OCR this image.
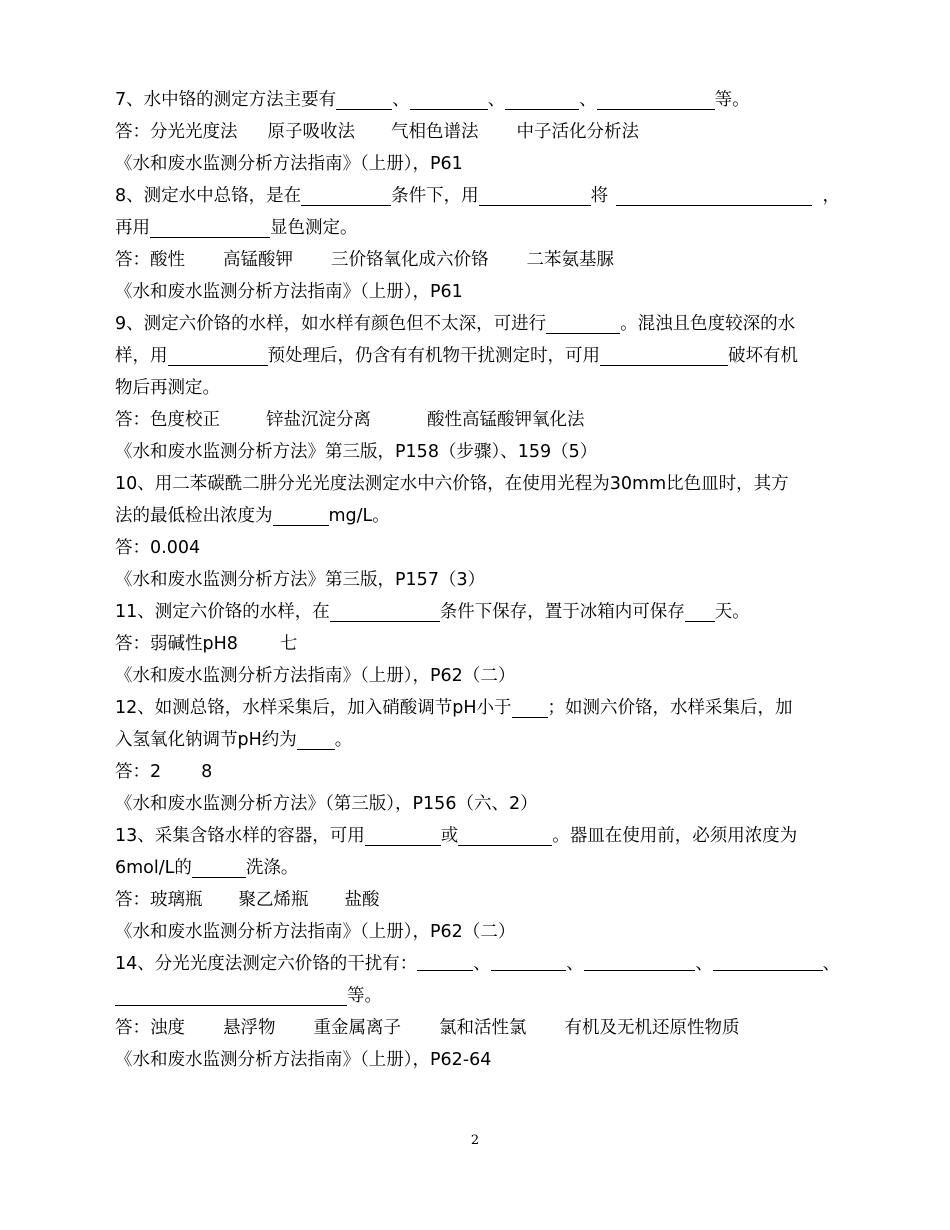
7、水中铬的测定方法主要有	、	、	、	等。
答：分光光度法 原子吸收法 气相色谱法 中子活化分析法
《水和废水监测分析方法指南》（上册），P61
8、测定水中总铬，是在	条件下，用	将	，
再用	显色测定。
答：酸性 高锰酸钾 三价铬氧化成六价铬 二苯氨基脲
《水和废水监测分析方法指南》（上册），P61
9、测定六价铬的水样，如水样有颜色但不太深，可进行	。混浊且色度较深的水
样，用	预处理后，仍含有有机物干扰测定时，可用	破坏有机
物后再测定。
答：色度校正	锌盐沉淀分离	酸性高锰酸钾氧化法
《水和废水监测分析方法》第三版，P158（步骤）、159（5）
10、用二苯碳酰二肼分光光度法测定水中六价铬，在使用光程为30mm比色皿时，其方
法的最低检出浓度为	mg/L。
答：0.004
《水和废水监测分析方法》第三版，P157（3）
11、测定六价铬的水样，在	条件下保存，置于冰箱内可保存 天。
答：弱碱性pH8 七
《水和废水监测分析方法指南》（上册），P62（二）
12、如测总铬，水样采集后，加入硝酸调节pH小于 ；如测六价铬，水样采集后，加
入氢氧化钠调节pH约为 。
答：2 8
《水和废水监测分析方法》（第三版），P156（六、2）
13、采集含铬水样的容器，可用	或	。器皿在使用前，必须用浓度为
6mol/L的	洗涤。
答：玻璃瓶 聚乙烯瓶 盐酸
《水和废水监测分析方法指南》（上册），P62（二）
14、分光光度法测定六价铬的干扰有：	、	、	、	、
等。
答：浊度 悬浮物 重金属离子 氯和活性氯 有机及无机还原性物质
《水和废水监测分析方法指南》（上册），P62-64
2
